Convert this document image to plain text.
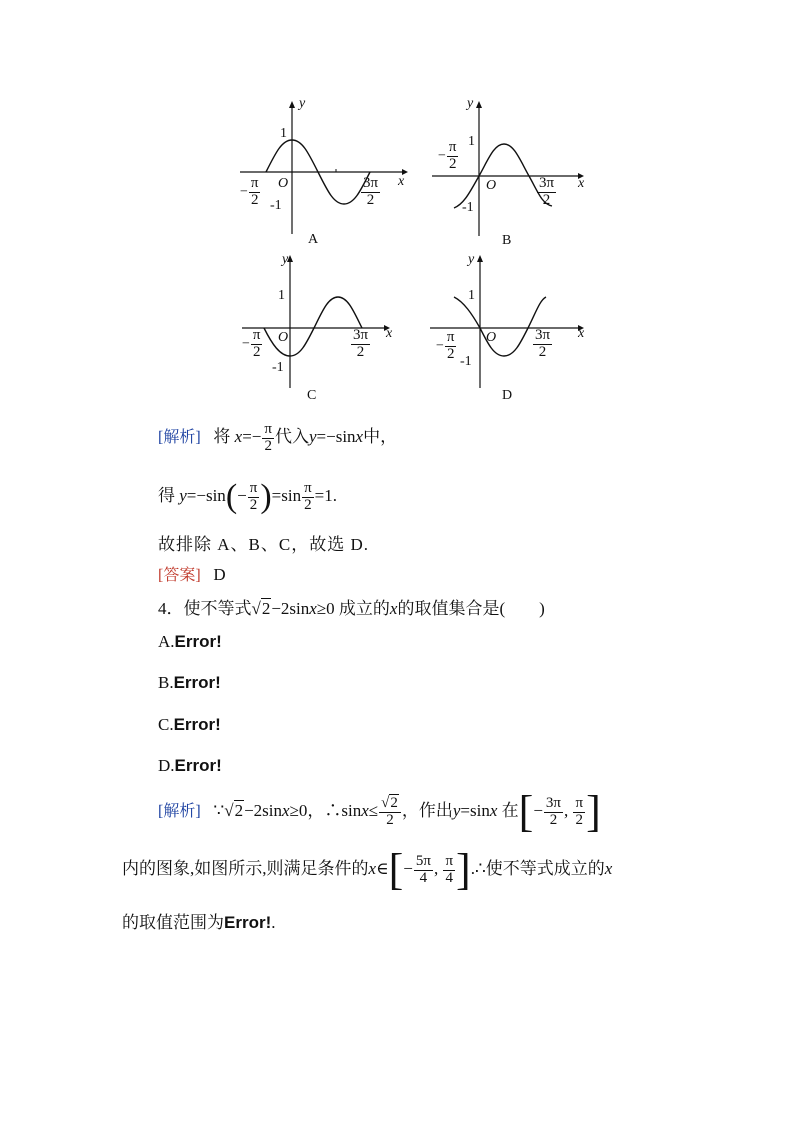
y
x
1
-1
O
− $\frac{\pi}{2}$	$\frac{3\pi}{2}$
A
y
x
1
-1
O
− $\frac{\pi}{2}$
$\frac{3\pi}{2}$
B
y
x
1
-1
O
− $\frac{\pi}{2}$	$\frac{3\pi}{2}$
C
y
x
1
-1
O
− $\frac{\pi}{2}$	$\frac{3\pi}{2}$
D
[解析] 将 $x=- \frac{\pi}{2}$ 代入y=−sinx中，
得 $y=-\sin(- \frac{\pi}{2} )=\sin \frac{\pi}{2} =1$.
故排除 A、B、C，故选 D.
[答案] D
4．使不等式√2−2sinx≥0 成立的x的取值集合是(　　)
A.Error!
B.Error!
C.Error!
D.Error!
[解析] ∵√2−2sinx≥0，∴sinx≤ $\frac{√2}{2}$ ，作出y=sinx 在[− $\frac{3\pi}{2}$ , $\frac{\pi}{2}$ ]
内的图象,如图所示,则满足条件的x∈[− $\frac{5\pi}{4}$ , $\frac{\pi}{4}$ ].∴使不等式成立的x
的取值范围为Error!.
